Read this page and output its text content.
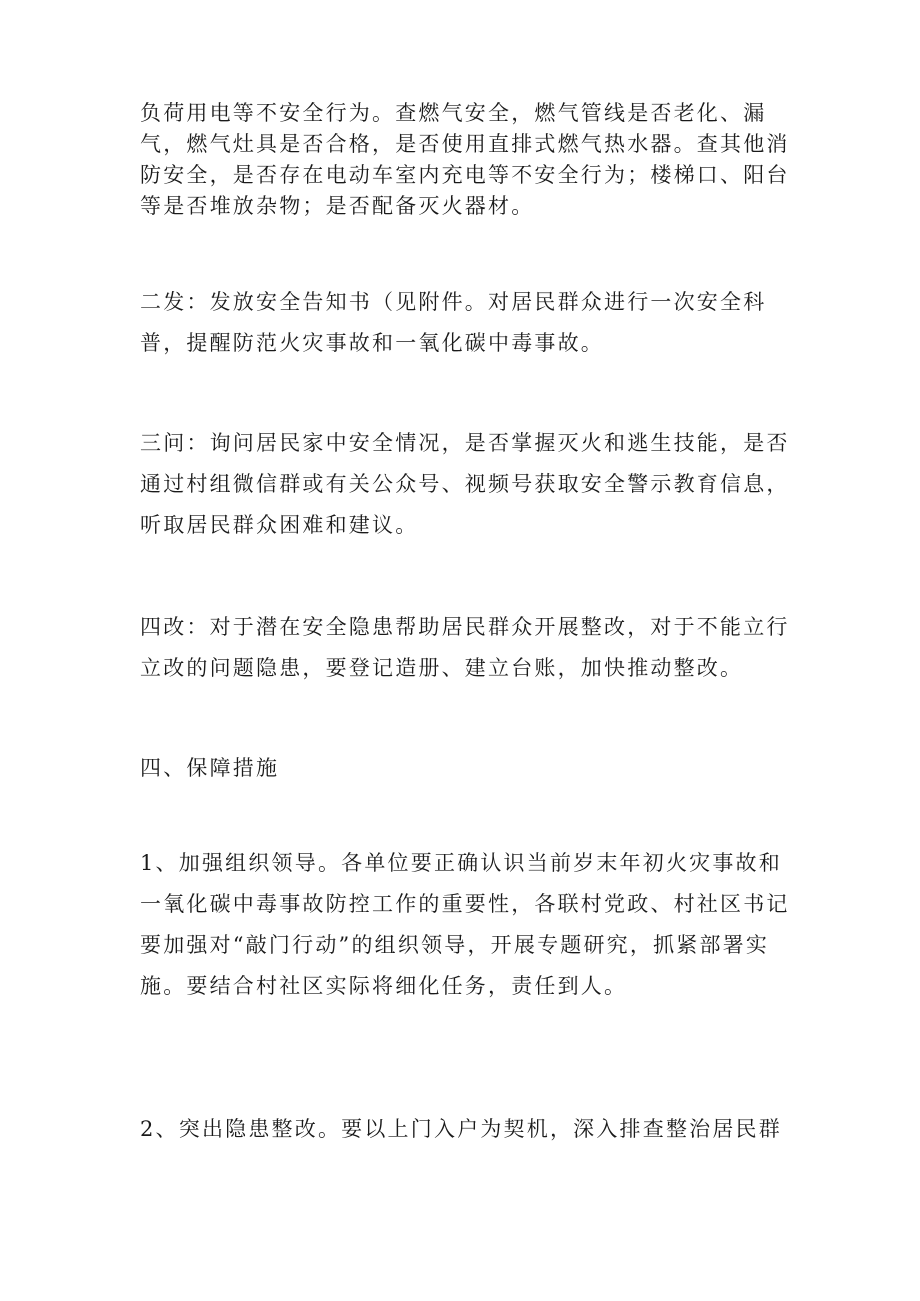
负荷用电等不安全行为。查燃气安全，燃气管线是否老化、漏气，燃气灶具是否合格，是否使用直排式燃气热水器。查其他消防安全，是否存在电动车室内充电等不安全行为；楼梯口、阳台等是否堆放杂物；是否配备灭火器材。

二发：发放安全告知书（见附件。对居民群众进行一次安全科普，提醒防范火灾事故和一氧化碳中毒事故。

三问：询问居民家中安全情况，是否掌握灭火和逃生技能，是否通过村组微信群或有关公众号、视频号获取安全警示教育信息，听取居民群众困难和建议。

四改：对于潜在安全隐患帮助居民群众开展整改，对于不能立行立改的问题隐患，要登记造册、建立台账，加快推动整改。

四、保障措施

1、加强组织领导。各单位要正确认识当前岁末年初火灾事故和一氧化碳中毒事故防控工作的重要性，各联村党政、村社区书记要加强对“敲门行动”的组织领导，开展专题研究，抓紧部署实施。要结合村社区实际将细化任务，责任到人。

2、突出隐患整改。要以上门入户为契机，深入排查整治居民群
